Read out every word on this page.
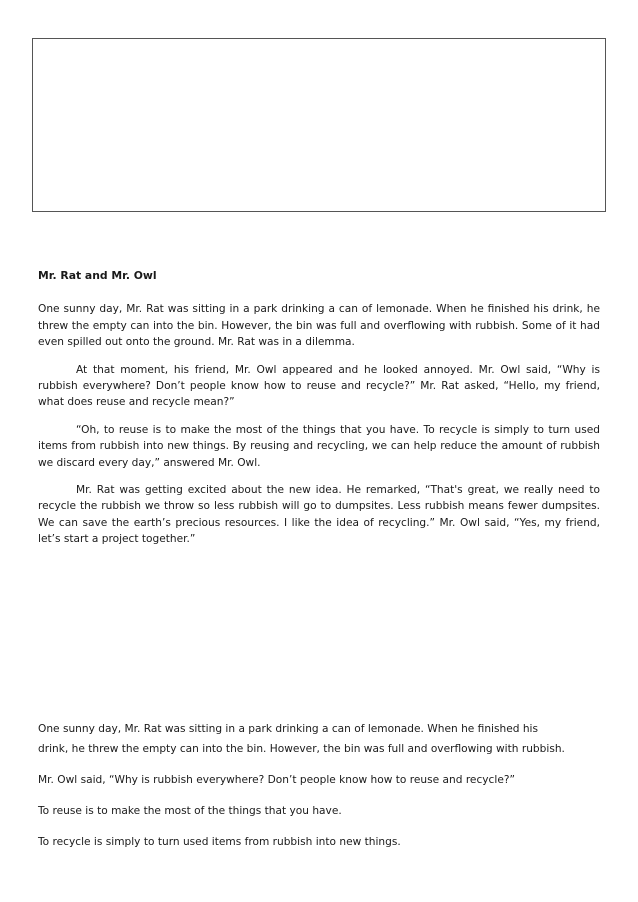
Mr. Rat and Mr. Owl

One sunny day, Mr. Rat was sitting in a park drinking a can of lemonade. When he finished his drink, he threw the empty can into the bin. However, the bin was full and overflowing with rubbish. Some of it had even spilled out onto the ground. Mr. Rat was in a dilemma.

At that moment, his friend, Mr. Owl appeared and he looked annoyed. Mr. Owl said, “Why is rubbish everywhere? Don’t people know how to reuse and recycle?” Mr. Rat asked, “Hello, my friend, what does reuse and recycle mean?”

“Oh, to reuse is to make the most of the things that you have. To recycle is simply to turn used items from rubbish into new things. By reusing and recycling, we can help reduce the amount of rubbish we discard every day,” answered Mr. Owl.

Mr. Rat was getting excited about the new idea. He remarked, “That's great, we really need to recycle the rubbish we throw so less rubbish will go to dumpsites. Less rubbish means fewer dumpsites. We can save the earth’s precious resources. I like the idea of recycling.” Mr. Owl said, “Yes, my friend, let’s start a project together.”

One sunny day, Mr. Rat was sitting in a park drinking a can of lemonade. When he finished his

drink, he threw the empty can into the bin. However, the bin was full and overflowing with rubbish.

Mr. Owl said, “Why is rubbish everywhere? Don’t people know how to reuse and recycle?”

To reuse is to make the most of the things that you have.

To recycle is simply to turn used items from rubbish into new things.
